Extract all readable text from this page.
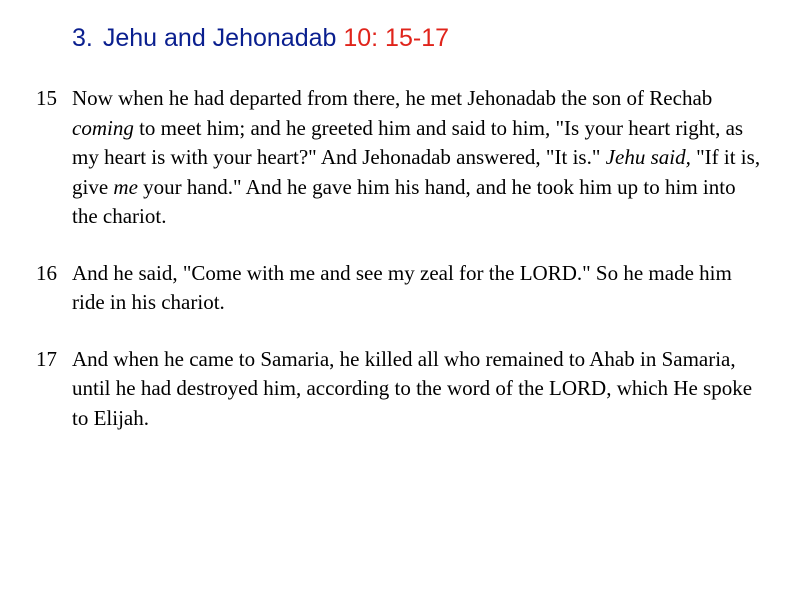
3. Jehu and Jehonadab 10: 15-17
15 Now when he had departed from there, he met Jehonadab the son of Rechab coming to meet him; and he greeted him and said to him, "Is your heart right, as my heart is with your heart?" And Jehonadab answered, "It is." Jehu said, "If it is, give me your hand." And he gave him his hand, and he took him up to him into the chariot.
16 And he said, "Come with me and see my zeal for the LORD." So he made him ride in his chariot.
17 And when he came to Samaria, he killed all who remained to Ahab in Samaria, until he had destroyed him, according to the word of the LORD, which He spoke to Elijah.
